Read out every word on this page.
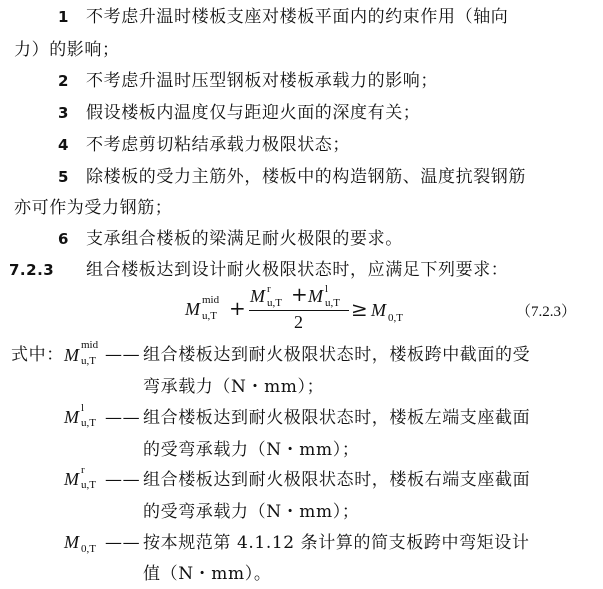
1 不考虑升温时楼板支座对楼板平面内的约束作用（轴向
力）的影响；
2 不考虑升温时压型钢板对楼板承载力的影响；
3 假设楼板内温度仅与距迎火面的深度有关；
4 不考虑剪切粘结承载力极限状态；
5 除楼板的受力主筋外，楼板中的构造钢筋、温度抗裂钢筋
亦可作为受力钢筋；
6 支承组合楼板的梁满足耐火极限的要求。
7.2.3 组合楼板达到设计耐火极限状态时，应满足下列要求：
M mid
u,T + M r
u,T + M l
u,T
2
≥ M 0,T	（7.2.3）
式中： M mid
u,T —— 组合楼板达到耐火极限状态时，楼板跨中截面的受
弯承载力（N・mm）；
M l
u,T —— 组合楼板达到耐火极限状态时，楼板左端支座截面
的受弯承载力（N・mm）；
M r
u,T —— 组合楼板达到耐火极限状态时，楼板右端支座截面
的受弯承载力（N・mm）；
M 0,T —— 按本规范第 4.1.12 条计算的简支板跨中弯矩设计
值（N・mm）。
